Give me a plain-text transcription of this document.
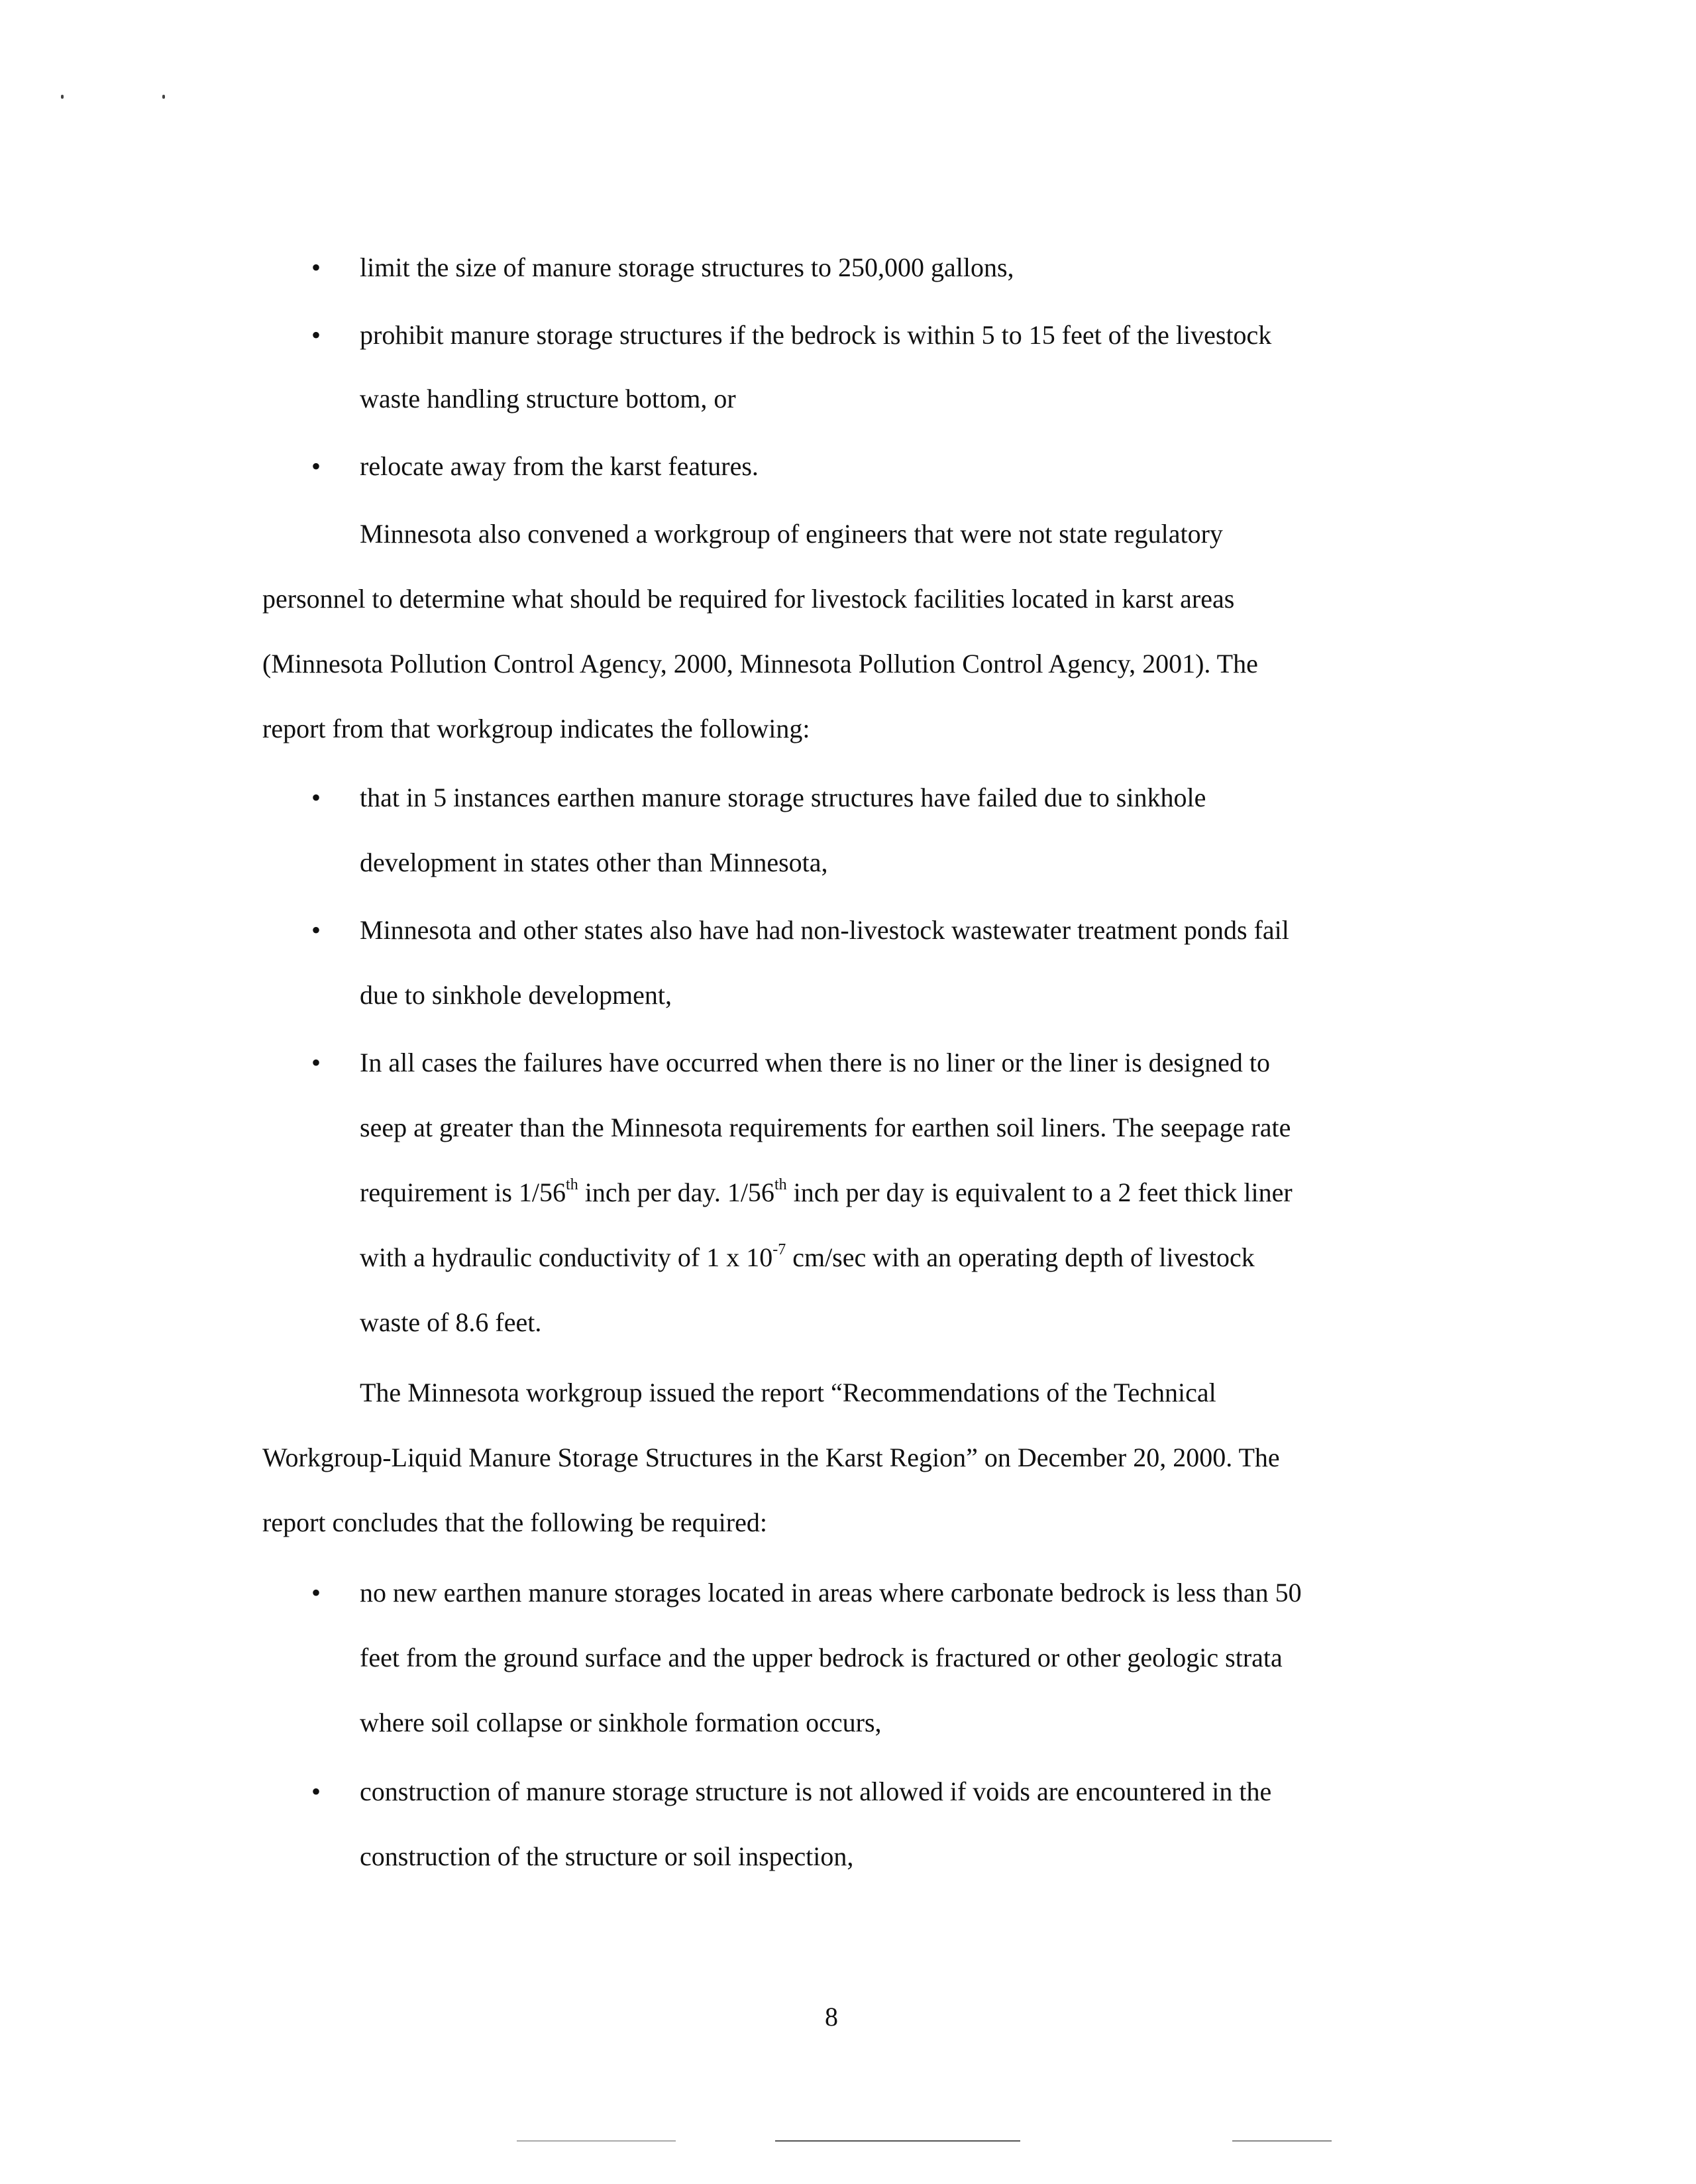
• limit the size of manure storage structures to 250,000 gallons,

• prohibit manure storage structures if the bedrock is within 5 to 15 feet of the livestock

waste handling structure bottom, or

• relocate away from the karst features.

Minnesota also convened a workgroup of engineers that were not state regulatory

personnel to determine what should be required for livestock facilities located in karst areas

(Minnesota Pollution Control Agency, 2000, Minnesota Pollution Control Agency, 2001). The

report from that workgroup indicates the following:

• that in 5 instances earthen manure storage structures have failed due to sinkhole

development in states other than Minnesota,

• Minnesota and other states also have had non-livestock wastewater treatment ponds fail

due to sinkhole development,

• In all cases the failures have occurred when there is no liner or the liner is designed to

seep at greater than the Minnesota requirements for earthen soil liners. The seepage rate

requirement is 1/56th inch per day. 1/56th inch per day is equivalent to a 2 feet thick liner

with a hydraulic conductivity of 1 x $10^{-7}$ cm/sec with an operating depth of livestock

waste of 8.6 feet.

The Minnesota workgroup issued the report “Recommendations of the Technical

Workgroup-Liquid Manure Storage Structures in the Karst Region” on December 20, 2000. The

report concludes that the following be required:

• no new earthen manure storages located in areas where carbonate bedrock is less than 50

feet from the ground surface and the upper bedrock is fractured or other geologic strata

where soil collapse or sinkhole formation occurs,

• construction of manure storage structure is not allowed if voids are encountered in the

construction of the structure or soil inspection,

8
